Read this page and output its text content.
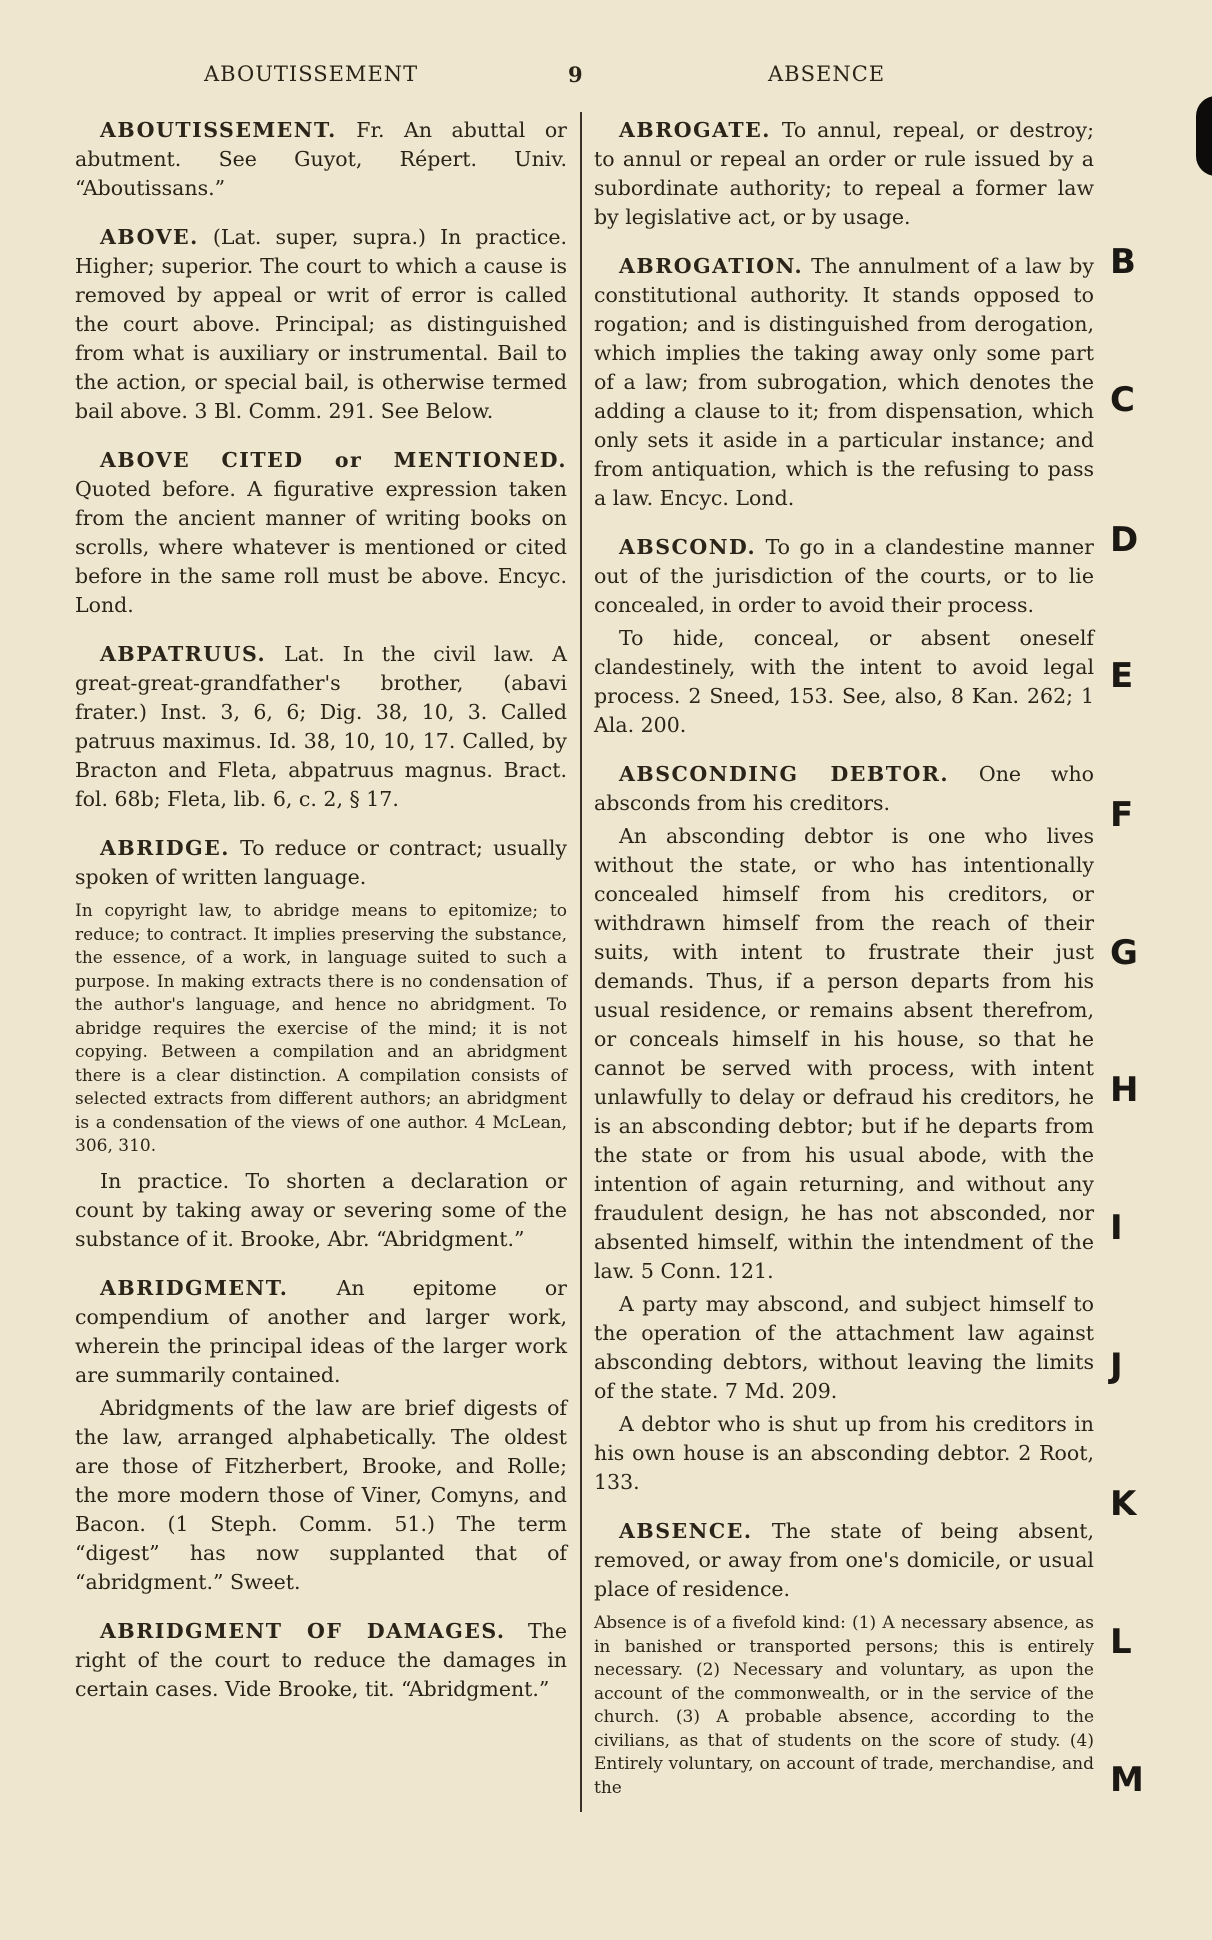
ABOUTISSEMENT	9	ABSENCE

ABOUTISSEMENT. Fr. An abuttal or abutment. See Guyot, Répert. Univ. “Aboutissans.”

ABOVE. (Lat. super, supra.) In practice. Higher; superior. The court to which a cause is removed by appeal or writ of error is called the court above. Principal; as distinguished from what is auxiliary or instrumental. Bail to the action, or special bail, is otherwise termed bail above. 3 Bl. Comm. 291. See Below.

ABOVE CITED or MENTIONED. Quoted before. A figurative expression taken from the ancient manner of writing books on scrolls, where whatever is mentioned or cited before in the same roll must be above. Encyc. Lond.

ABPATRUUS. Lat. In the civil law. A great-great-grandfather's brother, (abavi frater.) Inst. 3, 6, 6; Dig. 38, 10, 3. Called patruus maximus. Id. 38, 10, 10, 17. Called, by Bracton and Fleta, abpatruus magnus. Bract. fol. 68b; Fleta, lib. 6, c. 2, § 17.

ABRIDGE. To reduce or contract; usually spoken of written language.

In copyright law, to abridge means to epitomize; to reduce; to contract. It implies preserving the substance, the essence, of a work, in language suited to such a purpose. In making extracts there is no condensation of the author's language, and hence no abridgment. To abridge requires the exercise of the mind; it is not copying. Between a compilation and an abridgment there is a clear distinction. A compilation consists of selected extracts from different authors; an abridgment is a condensation of the views of one author. 4 McLean, 306, 310.

In practice. To shorten a declaration or count by taking away or severing some of the substance of it. Brooke, Abr. “Abridgment.”

ABRIDGMENT. An epitome or compendium of another and larger work, wherein the principal ideas of the larger work are summarily contained.

Abridgments of the law are brief digests of the law, arranged alphabetically. The oldest are those of Fitzherbert, Brooke, and Rolle; the more modern those of Viner, Comyns, and Bacon. (1 Steph. Comm. 51.) The term “digest” has now supplanted that of “abridgment.” Sweet.

ABRIDGMENT OF DAMAGES. The right of the court to reduce the damages in certain cases. Vide Brooke, tit. “Abridgment.”

ABROGATE. To annul, repeal, or destroy; to annul or repeal an order or rule issued by a subordinate authority; to repeal a former law by legislative act, or by usage.

ABROGATION. The annulment of a law by constitutional authority. It stands opposed to rogation; and is distinguished from derogation, which implies the taking away only some part of a law; from subrogation, which denotes the adding a clause to it; from dispensation, which only sets it aside in a particular instance; and from antiquation, which is the refusing to pass a law. Encyc. Lond.

ABSCOND. To go in a clandestine manner out of the jurisdiction of the courts, or to lie concealed, in order to avoid their process.

To hide, conceal, or absent oneself clandestinely, with the intent to avoid legal process. 2 Sneed, 153. See, also, 8 Kan. 262; 1 Ala. 200.

ABSCONDING DEBTOR. One who absconds from his creditors.

An absconding debtor is one who lives without the state, or who has intentionally concealed himself from his creditors, or withdrawn himself from the reach of their suits, with intent to frustrate their just demands. Thus, if a person departs from his usual residence, or remains absent therefrom, or conceals himself in his house, so that he cannot be served with process, with intent unlawfully to delay or defraud his creditors, he is an absconding debtor; but if he departs from the state or from his usual abode, with the intention of again returning, and without any fraudulent design, he has not absconded, nor absented himself, within the intendment of the law. 5 Conn. 121.

A party may abscond, and subject himself to the operation of the attachment law against absconding debtors, without leaving the limits of the state. 7 Md. 209.

A debtor who is shut up from his creditors in his own house is an absconding debtor. 2 Root, 133.

ABSENCE. The state of being absent, removed, or away from one's domicile, or usual place of residence.

Absence is of a fivefold kind: (1) A necessary absence, as in banished or transported persons; this is entirely necessary. (2) Necessary and voluntary, as upon the account of the commonwealth, or in the service of the church. (3) A probable absence, according to the civilians, as that of students on the score of study. (4) Entirely voluntary, on account of trade, merchandise, and the

B
C
D
E
F
G
H
I
J
K
L
M
